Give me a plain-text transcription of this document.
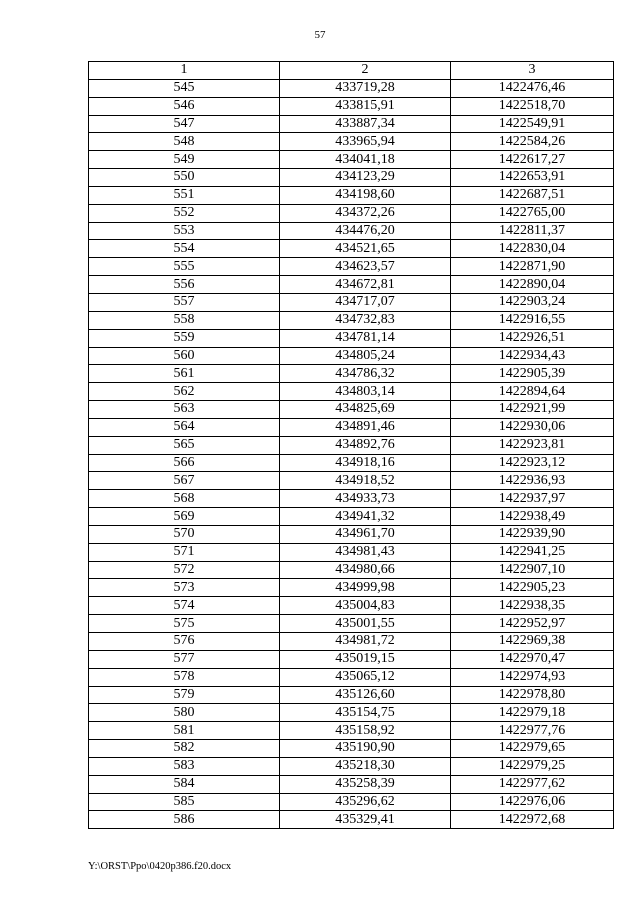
57
1	2	3
545	433719,28	1422476,46
546	433815,91	1422518,70
547	433887,34	1422549,91
548	433965,94	1422584,26
549	434041,18	1422617,27
550	434123,29	1422653,91
551	434198,60	1422687,51
552	434372,26	1422765,00
553	434476,20	1422811,37
554	434521,65	1422830,04
555	434623,57	1422871,90
556	434672,81	1422890,04
557	434717,07	1422903,24
558	434732,83	1422916,55
559	434781,14	1422926,51
560	434805,24	1422934,43
561	434786,32	1422905,39
562	434803,14	1422894,64
563	434825,69	1422921,99
564	434891,46	1422930,06
565	434892,76	1422923,81
566	434918,16	1422923,12
567	434918,52	1422936,93
568	434933,73	1422937,97
569	434941,32	1422938,49
570	434961,70	1422939,90
571	434981,43	1422941,25
572	434980,66	1422907,10
573	434999,98	1422905,23
574	435004,83	1422938,35
575	435001,55	1422952,97
576	434981,72	1422969,38
577	435019,15	1422970,47
578	435065,12	1422974,93
579	435126,60	1422978,80
580	435154,75	1422979,18
581	435158,92	1422977,76
582	435190,90	1422979,65
583	435218,30	1422979,25
584	435258,39	1422977,62
585	435296,62	1422976,06
586	435329,41	1422972,68
Y:\ORST\Ppo\0420p386.f20.docx
